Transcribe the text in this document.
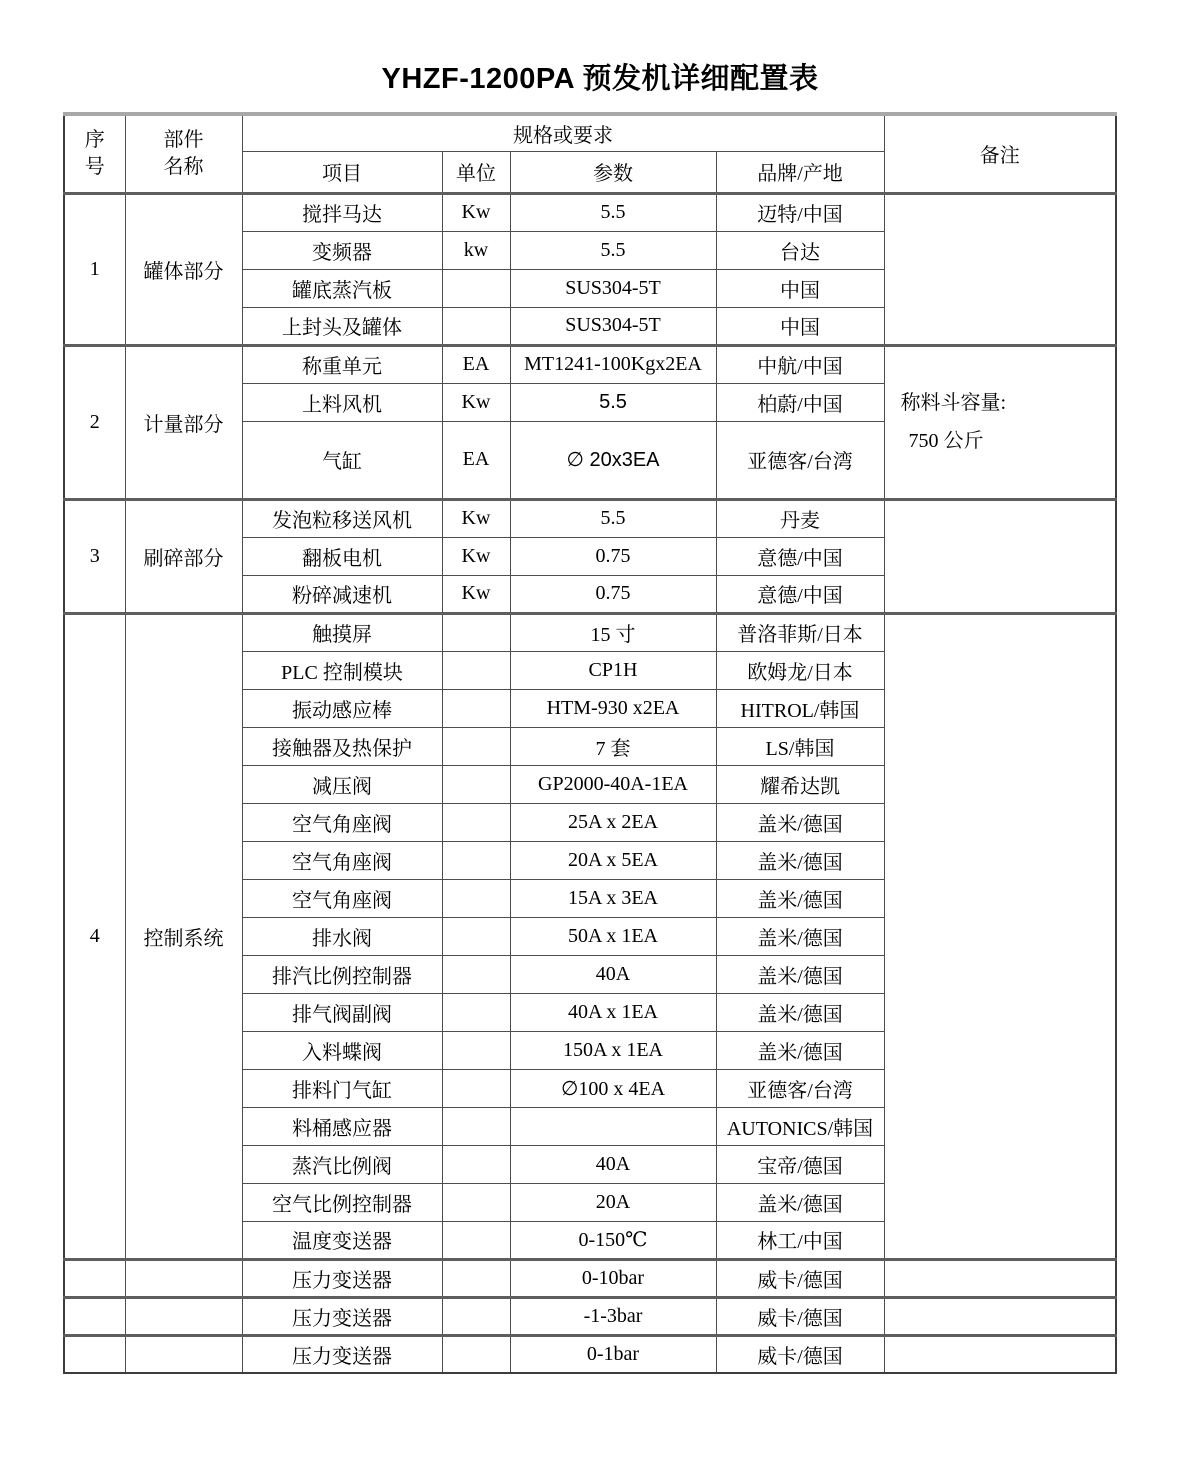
YHZF-1200PA 预发机详细配置表
序号	部件名称	规格或要求				备注
		项目	单位	参数	品牌/产地	
1	罐体部分	搅拌马达	Kw	5.5	迈特/中国	
		变频器	kw	5.5	台达	
		罐底蒸汽板		SUS304-5T	中国	
		上封头及罐体		SUS304-5T	中国	
2	计量部分	称重单元	EA	MT1241-100Kgx2EA	中航/中国	称料斗容量:
750 公斤

		上料风机	Kw	5.5	柏蔚/中国	
		气缸	EA	∅ 20x3EA	亚德客/台湾	
3	刷碎部分	发泡粒移送风机	Kw	5.5	丹麦	
		翻板电机	Kw	0.75	意德/中国	
		粉碎减速机	Kw	0.75	意德/中国	
4	控制系统	触摸屏		15 寸	普洛菲斯/日本	
		PLC 控制模块		CP1H	欧姆龙/日本	
		振动感应棒		HTM-930 x2EA	HITROL/韩国	
		接触器及热保护		7 套	LS/韩国	
		减压阀		GP2000-40A-1EA	耀希达凯	
		空气角座阀		25A x 2EA	盖米/德国	
		空气角座阀		20A x 5EA	盖米/德国	
		空气角座阀		15A x 3EA	盖米/德国	
		排水阀		50A x 1EA	盖米/德国	
		排汽比例控制器		40A	盖米/德国	
		排气阀副阀		40A x 1EA	盖米/德国	
		入料蝶阀		150A x 1EA	盖米/德国	
		排料门气缸		∅100 x 4EA	亚德客/台湾	
		料桶感应器			AUTONICS/韩国	
		蒸汽比例阀		40A	宝帝/德国	
		空气比例控制器		20A	盖米/德国	
		温度变送器		0-150℃	林工/中国	
		压力变送器		0-10bar	威卡/德国	
		压力变送器		-1-3bar	威卡/德国	
		压力变送器		0-1bar	威卡/德国	
